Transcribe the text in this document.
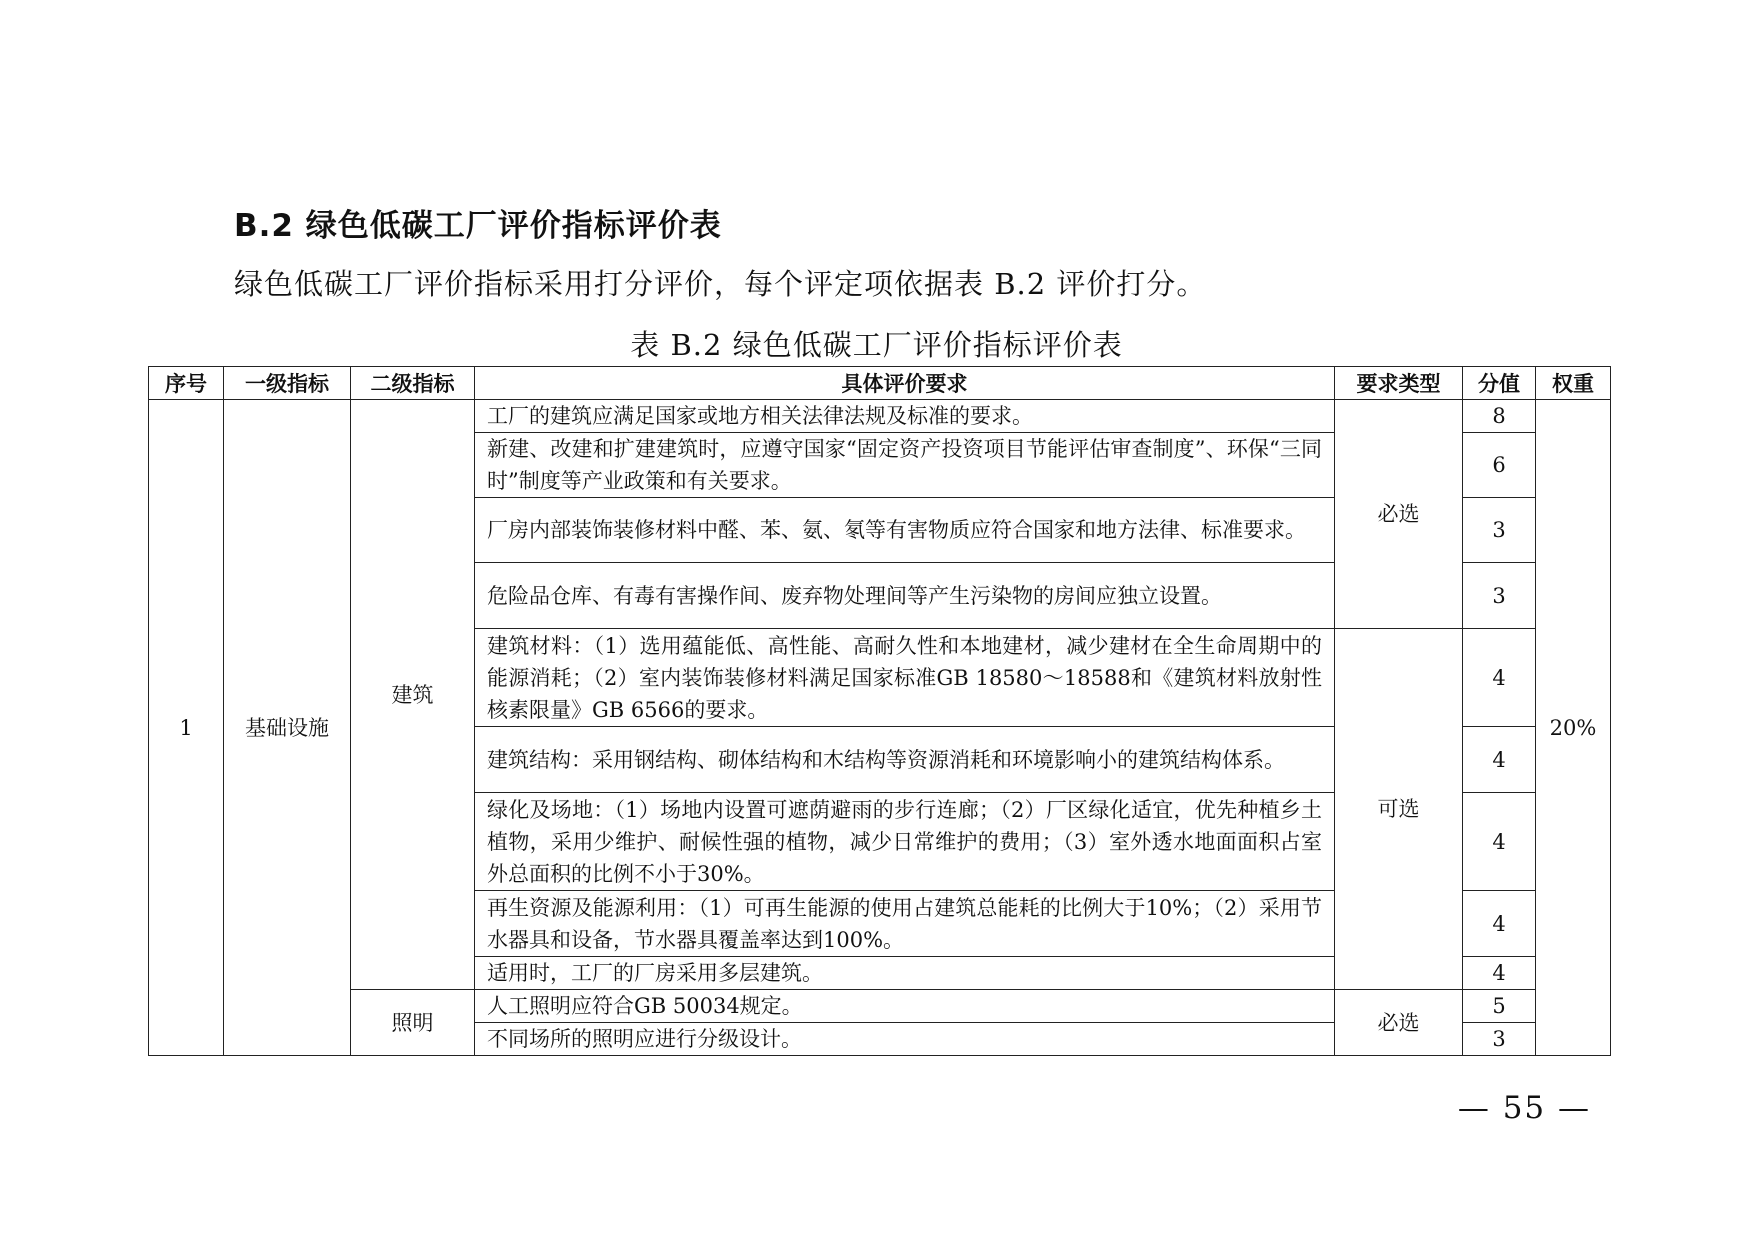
B.2 绿色低碳工厂评价指标评价表

绿色低碳工厂评价指标采用打分评价，每个评定项依据表 B.2 评价打分。

表 B.2 绿色低碳工厂评价指标评价表

序号	一级指标	二级指标	具体评价要求	要求类型	分值	权重
1	基础设施	建筑	工厂的建筑应满足国家或地方相关法律法规及标准的要求。	必选	8	20%
			新建、改建和扩建建筑时，应遵守国家“固定资产投资项目节能评估审查制度”、环保“三同时”制度等产业政策和有关要求。		6	
			厂房内部装饰装修材料中醛、苯、氨、氡等有害物质应符合国家和地方法律、标准要求。		3	
			危险品仓库、有毒有害操作间、废弃物处理间等产生污染物的房间应独立设置。		3	
			建筑材料：（1）选用蕴能低、高性能、高耐久性和本地建材，减少建材在全生命周期中的能源消耗；（2）室内装饰装修材料满足国家标准GB 18580～18588和《建筑材料放射性核素限量》GB 6566的要求。	可选	4	
			建筑结构：采用钢结构、砌体结构和木结构等资源消耗和环境影响小的建筑结构体系。		4	
			绿化及场地：（1）场地内设置可遮荫避雨的步行连廊；（2）厂区绿化适宜，优先种植乡土植物，采用少维护、耐候性强的植物，减少日常维护的费用；（3）室外透水地面面积占室外总面积的比例不小于30%。		4	
			再生资源及能源利用：（1）可再生能源的使用占建筑总能耗的比例大于10%；（2）采用节水器具和设备，节水器具覆盖率达到100%。		4	
			适用时，工厂的厂房采用多层建筑。		4	
		照明	人工照明应符合GB 50034规定。	必选	5	
			不同场所的照明应进行分级设计。		3	
— 55 —
